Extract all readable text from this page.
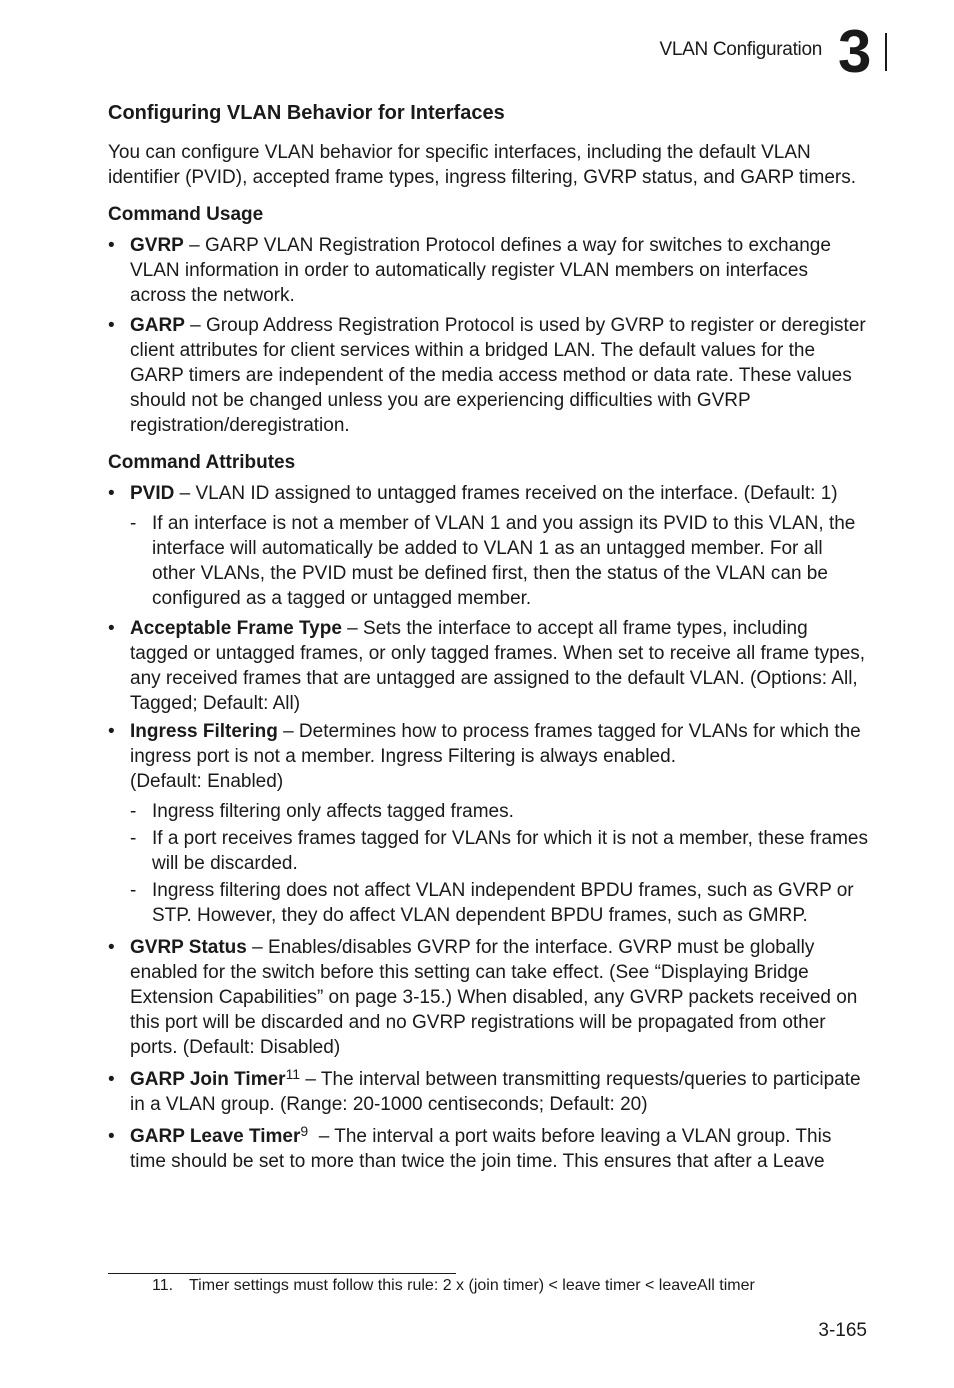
VLAN Configuration 3
Configuring VLAN Behavior for Interfaces

You can configure VLAN behavior for specific interfaces, including the default VLAN identifier (PVID), accepted frame types, ingress filtering, GVRP status, and GARP timers.

Command Usage
• GVRP – GARP VLAN Registration Protocol defines a way for switches to exchange VLAN information in order to automatically register VLAN members on interfaces across the network.
• GARP – Group Address Registration Protocol is used by GVRP to register or deregister client attributes for client services within a bridged LAN. The default values for the GARP timers are independent of the media access method or data rate. These values should not be changed unless you are experiencing difficulties with GVRP registration/deregistration.
Command Attributes
• PVID – VLAN ID assigned to untagged frames received on the interface. (Default: 1)
- If an interface is not a member of VLAN 1 and you assign its PVID to this VLAN, the interface will automatically be added to VLAN 1 as an untagged member. For all other VLANs, the PVID must be defined first, then the status of the VLAN can be configured as a tagged or untagged member.
• Acceptable Frame Type – Sets the interface to accept all frame types, including tagged or untagged frames, or only tagged frames. When set to receive all frame types, any received frames that are untagged are assigned to the default VLAN. (Options: All, Tagged; Default: All)
• Ingress Filtering – Determines how to process frames tagged for VLANs for which the ingress port is not a member. Ingress Filtering is always enabled.
(Default: Enabled)
- Ingress filtering only affects tagged frames.
- If a port receives frames tagged for VLANs for which it is not a member, these frames will be discarded.
- Ingress filtering does not affect VLAN independent BPDU frames, such as GVRP or STP. However, they do affect VLAN dependent BPDU frames, such as GMRP.
• GVRP Status – Enables/disables GVRP for the interface. GVRP must be globally enabled for the switch before this setting can take effect. (See “Displaying Bridge Extension Capabilities” on page 3-15.) When disabled, any GVRP packets received on this port will be discarded and no GVRP registrations will be propagated from other ports. (Default: Disabled)
• GARP Join Timer$^{11}$ – The interval between transmitting requests/queries to participate in a VLAN group. (Range: 20-1000 centiseconds; Default: 20)
• GARP Leave Timer$^9$  – The interval a port waits before leaving a VLAN group. This time should be set to more than twice the join time. This ensures that after a Leave
11. Timer settings must follow this rule: 2 x (join timer) < leave timer < leaveAll timer
3-165
